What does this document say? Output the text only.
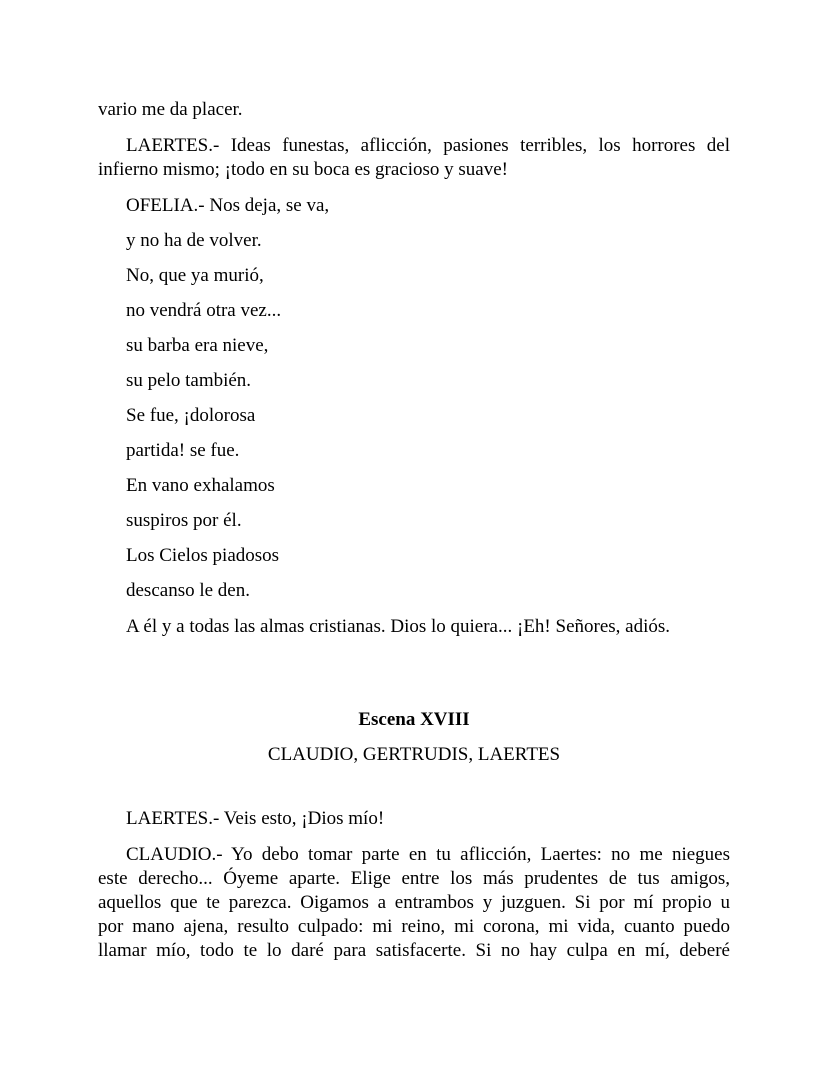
vario me da placer.
LAERTES.- Ideas funestas, aflicción, pasiones terribles, los horrores del
infierno mismo; ¡todo en su boca es gracioso y suave!
OFELIA.- Nos deja, se va,
y no ha de volver.
No, que ya murió,
no vendrá otra vez...
su barba era nieve,
su pelo también.
Se fue, ¡dolorosa
partida! se fue.
En vano exhalamos
suspiros por él.
Los Cielos piadosos
descanso le den.
A él y a todas las almas cristianas. Dios lo quiera... ¡Eh! Señores, adiós.
Escena XVIII
CLAUDIO, GERTRUDIS, LAERTES
LAERTES.- Veis esto, ¡Dios mío!
CLAUDIO.- Yo debo tomar parte en tu aflicción, Laertes: no me niegues
este derecho... Óyeme aparte. Elige entre los más prudentes de tus amigos,
aquellos que te parezca. Oigamos a entrambos y juzguen. Si por mí propio u
por mano ajena, resulto culpado: mi reino, mi corona, mi vida, cuanto puedo
llamar mío, todo te lo daré para satisfacerte. Si no hay culpa en mí, deberé
